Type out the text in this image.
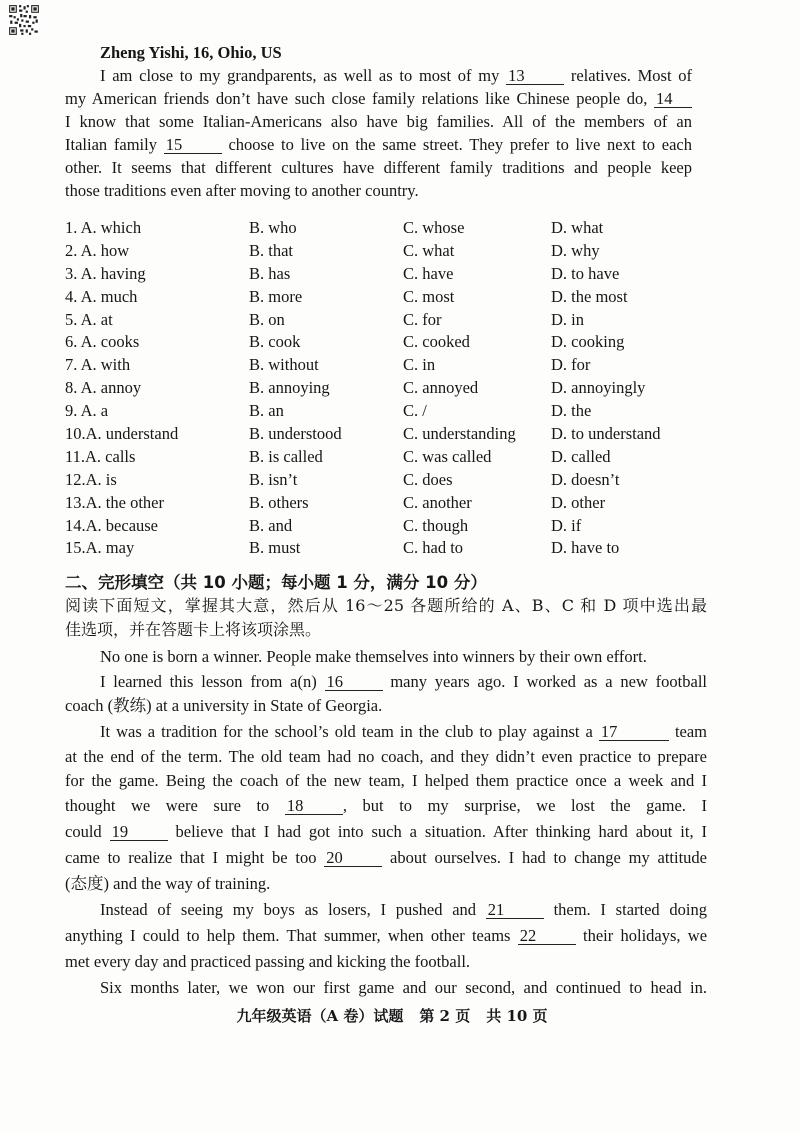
Zheng Yishi, 16, Ohio, US
I am close to my grandparents, as well as to most of my 13	relatives. Most of
my American friends don’t have such close family relations like Chinese people do, 14
I know that some Italian-Americans also have big families. All of the members of an
Italian family 15	choose to live on the same street. They prefer to live next to each
other. It seems that different cultures have different family traditions and people keep
those traditions even after moving to another country.
1. A. which	B. who	C. whose	D. what
2. A. how	B. that	C. what	D. why
3. A. having	B. has	C. have	D. to have
4. A. much	B. more	C. most	D. the most
5. A. at	B. on	C. for	D. in
6. A. cooks	B. cook	C. cooked	D. cooking
7. A. with	B. without	C. in	D. for
8. A. annoy	B. annoying	C. annoyed	D. annoyingly
9. A. a	B. an	C. /	D. the
10.A. understand	B. understood	C. understanding D. to understand
11.A. calls	B. is called	C. was called	D. called
12.A. is	B. isn’t	C. does	D. doesn’t
13.A. the other	B. others	C. another	D. other
14.A. because	B. and	C. though	D. if
15.A. may	B. must	C. had to	D. have to
二、完形填空（共 10 小题；每小题 1 分，满分 10 分）
阅读下面短文，掌握其大意，然后从 16～25 各题所给的 A、B、C 和 D 项中选出最
佳选项，并在答题卡上将该项涂黑。
No one is born a winner. People make themselves into winners by their own effort.
I learned this lesson from a(n) 16	many years ago. I worked as a new football
coach (教练) at a university in State of Georgia.
It was a tradition for the school’s old team in the club to play against a 17	team
at the end of the term. The old team had no coach, and they didn’t even practice to prepare
for the game. Being the coach of the new team, I helped them practice once a week and I
thought we were sure to 18 , but to my surprise, we lost the game. I
could 19	believe that I had got into such a situation. After thinking hard about it, I
came to realize that I might be too 20	about ourselves. I had to change my attitude
(态度) and the way of training.
Instead of seeing my boys as losers, I pushed and 21	them. I started doing
anything I could to help them. That summer, when other teams 22	their holidays, we
met every day and practiced passing and kicking the football.
Six months later, we won our first game and our second, and continued to head in.
九年级英语（A 卷）试题 第 2 页 共 10 页
